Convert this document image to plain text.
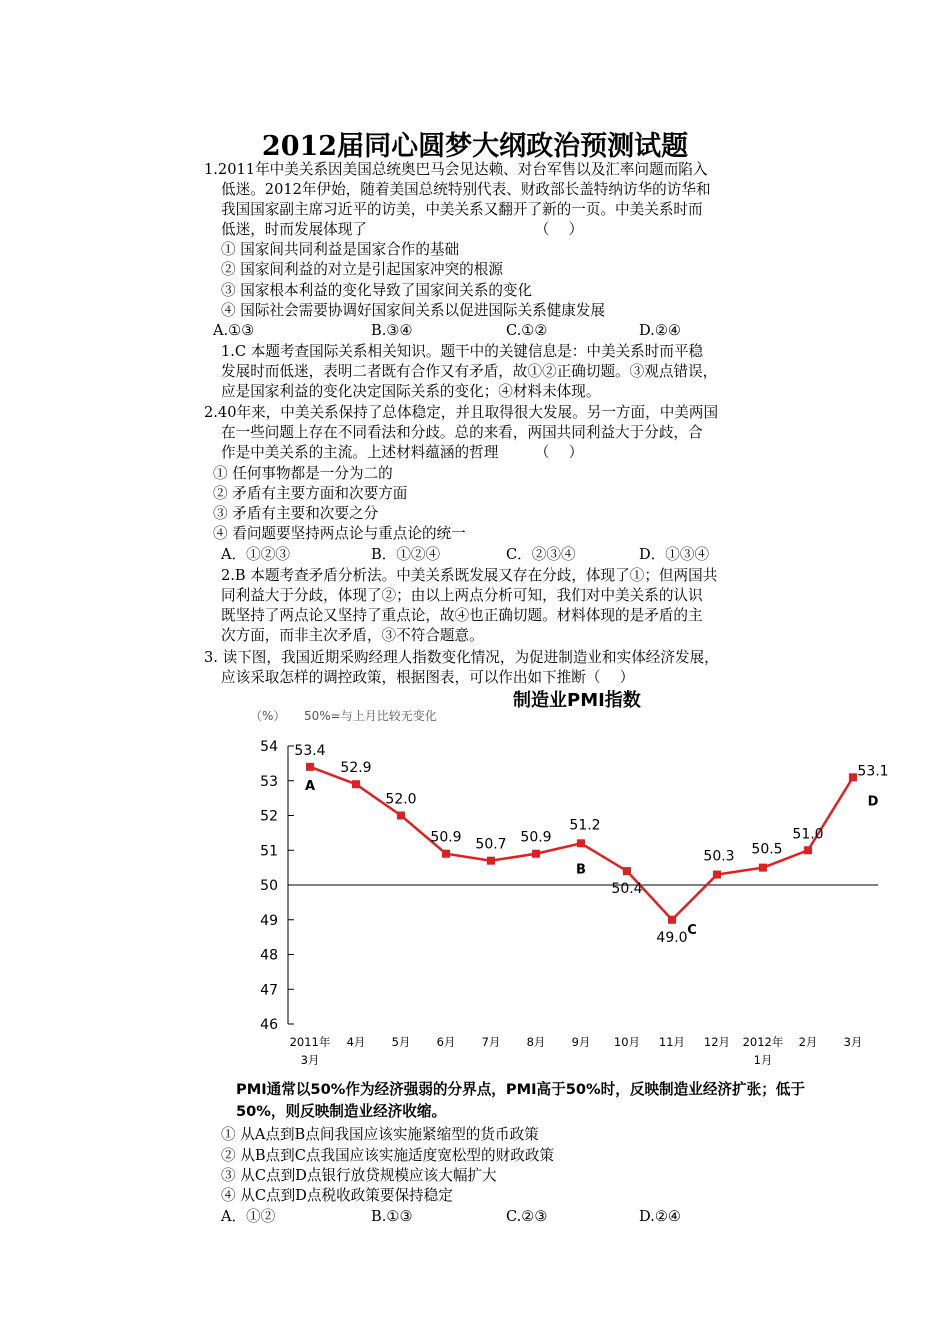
2012届同心圆梦大纲政治预测试题
1.2011年中美关系因美国总统奥巴马会见达赖、对台军售以及汇率问题而陷入
低迷。2012年伊始，随着美国总统特别代表、财政部长盖特纳访华的访华和
我国国家副主席习近平的访美，中美关系又翻开了新的一页。中美关系时而
低迷，时而发展体现了　　　　　　　　　　　　（　 ）
① 国家间共同利益是国家合作的基础
② 国家间利益的对立是引起国家冲突的根源
③ 国家根本利益的变化导致了国家间关系的变化
④ 国际社会需要协调好国家间关系以促进国际关系健康发展
A.①③	B.③④	C.①②	D.②④
1.C 本题考查国际关系相关知识。题干中的关键信息是：中美关系时而平稳
发展时而低迷，表明二者既有合作又有矛盾，故①②正确切题。③观点错误，
应是国家利益的变化决定国际关系的变化；④材料未体现。
2.40年来，中美关系保持了总体稳定，并且取得很大发展。另一方面，中美两国
在一些问题上存在不同看法和分歧。总的来看，两国共同利益大于分歧，合
作是中美关系的主流。上述材料蕴涵的哲理　　　（　 ）
① 任何事物都是一分为二的
② 矛盾有主要方面和次要方面
③ 矛盾有主要和次要之分
④ 看问题要坚持两点论与重点论的统一
A．①②③	B．①②④	C．②③④	D．①③④
2.B 本题考查矛盾分析法。中美关系既发展又存在分歧，体现了①；但两国共
同利益大于分歧，体现了②；由以上两点分析可知，我们对中美关系的认识
既坚持了两点论又坚持了重点论，故④也正确切题。材料体现的是矛盾的主
次方面，而非主次矛盾，③不符合题意。
3. 读下图，我国近期采购经理人指数变化情况，为促进制造业和实体经济发展，
应该采取怎样的调控政策，根据图表，可以作出如下推断（　 ）
制造业PMI指数
（%） 50%=与上月比较无变化
54
53
52
51
50
49
48
47
46
2011年
3月
4月 5月 6月 7月 8月 9月 10月 11月 12月 2012年
1月
2月 3月
53.4
52.9
52.0
50.9 50.7 50.9
51.2
50.4
49.0
50.3 50.5
51.0
53.1
A
B
C
D
PMI通常以50%作为经济强弱的分界点，PMI高于50%时，反映制造业经济扩张；低于
50%，则反映制造业经济收缩。
① 从A点到B点间我国应该实施紧缩型的货币政策
② 从B点到C点我国应该实施适度宽松型的财政政策
③ 从C点到D点银行放贷规模应该大幅扩大
④ 从C点到D点税收政策要保持稳定
A．①②	B.①③	C.②③	D.②④
